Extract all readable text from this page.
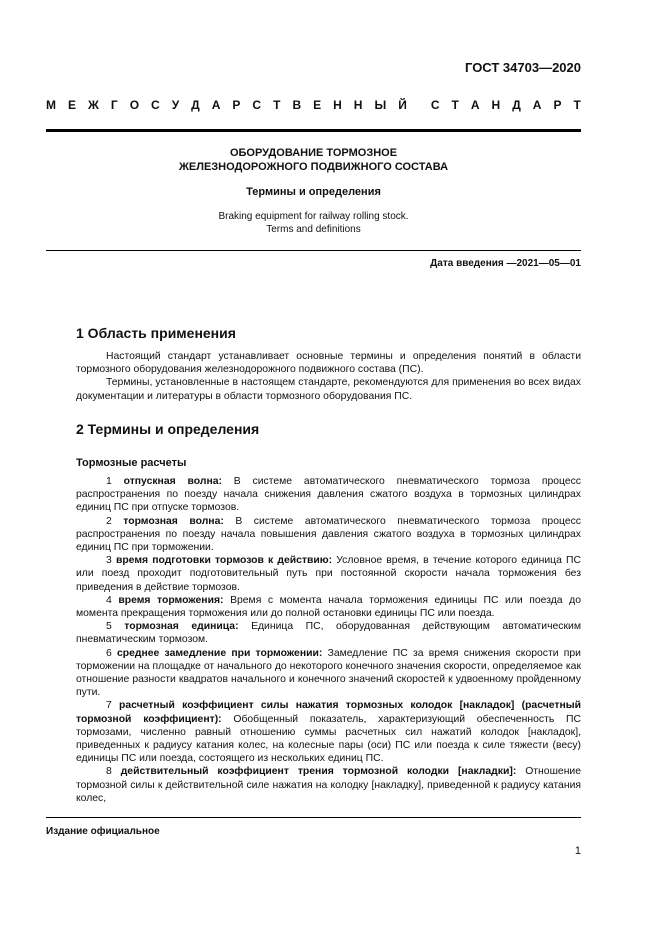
ГОСТ 34703—2020
М Е Ж Г О С У Д А Р С Т В Е Н Н Ы Й С Т А Н Д А Р Т
ОБОРУДОВАНИЕ ТОРМОЗНОЕ
ЖЕЛЕЗНОДОРОЖНОГО ПОДВИЖНОГО СОСТАВА
Термины и определения
Braking equipment for railway rolling stock.
Terms and definitions
Дата введения —2021—05—01
1 Область применения

Настоящий стандарт устанавливает основные термины и определения понятий в области тормозного оборудования железнодорожного подвижного состава (ПС).

Термины, установленные в настоящем стандарте, рекомендуются для применения во всех видах документации и литературы в области тормозного оборудования ПС.

2 Термины и определения
Тормозные расчеты

1 отпускная волна: В системе автоматического пневматического тормоза процесс распространения по поезду начала снижения давления сжатого воздуха в тормозных цилиндрах единиц ПС при отпуске тормозов.

2 тормозная волна: В системе автоматического пневматического тормоза процесс распространения по поезду начала повышения давления сжатого воздуха в тормозных цилиндрах единиц ПС при торможении.

3 время подготовки тормозов к действию: Условное время, в течение которого единица ПС или поезд проходит подготовительный путь при постоянной скорости начала торможения без приведения в действие тормозов.

4 время торможения: Время с момента начала торможения единицы ПС или поезда до момента прекращения торможения или до полной остановки единицы ПС или поезда.

5 тормозная единица: Единица ПС, оборудованная действующим автоматическим пневматическим тормозом.

6 среднее замедление при торможении: Замедление ПС за время снижения скорости при торможении на площадке от начального до некоторого конечного значения скорости, определяемое как отношение разности квадратов начального и конечного значений скоростей к удвоенному пройденному пути.

7 расчетный коэффициент силы нажатия тормозных колодок [накладок] (расчетный тормозной коэффициент): Обобщенный показатель, характеризующий обеспеченность ПС тормозами, численно равный отношению суммы расчетных сил нажатий колодок [накладок], приведенных к радиусу катания колес, на колесные пары (оси) ПС или поезда к силе тяжести (весу) единицы ПС или поезда, состоящего из нескольких единиц ПС.

8 действительный коэффициент трения тормозной колодки [накладки]: Отношение тормозной силы к действительной силе нажатия на колодку [накладку], приведенной к радиусу катания колес,

Издание официальное
1
